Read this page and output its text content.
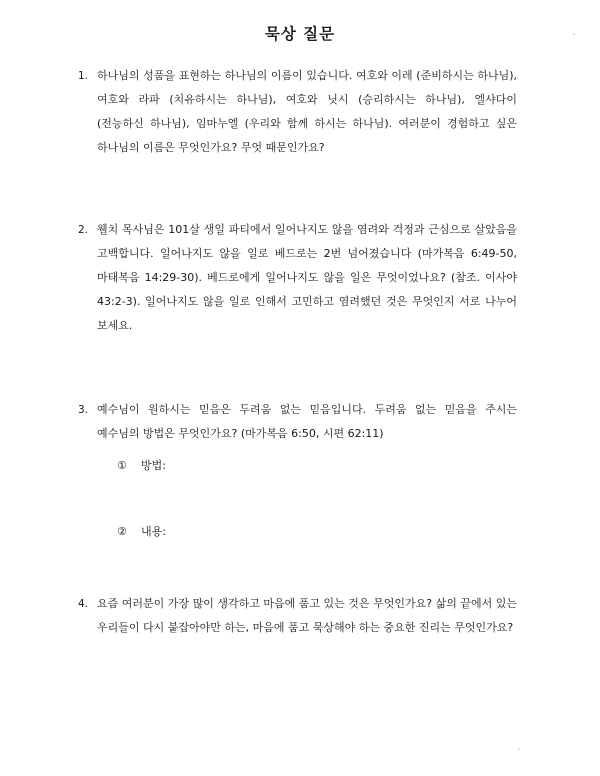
묵상 질문
1. 하나님의 성품을 표현하는 하나님의 이름이 있습니다. 여호와 이레 (준비하시는 하나님), 여호와 라파 (치유하시는 하나님), 여호와 닛시 (승리하시는 하나님), 엘샤다이 (전능하신 하나님), 임마누엘 (우리와 함께 하시는 하나님). 여러분이 경험하고 싶은 하나님의 이름은 무엇인가요? 무엇 때문인가요?
2. 웰치 목사님은 101살 생일 파티에서 일어나지도 않을 염려와 걱정과 근심으로 살았음을 고백합니다. 일어나지도 않을 일로 베드로는 2번 넘어졌습니다 (마가복음 6:49-50, 마태복음 14:29-30). 베드로에게 일어나지도 않을 일은 무엇이었나요? (참조. 이사야 43:2-3). 일어나지도 않을 일로 인해서 고민하고 염려했던 것은 무엇인지 서로 나누어 보세요.
3. 예수님이 원하시는 믿음은 두려움 없는 믿음입니다. 두려움 없는 믿음을 주시는 예수님의 방법은 무엇인가요? (마가복음 6:50, 시편 62:11)
① 방법:
② 내용:
4. 요즘 여러분이 가장 많이 생각하고 마음에 품고 있는 것은 무엇인가요? 삶의 끝에서 있는 우리들이 다시 붙잡아야만 하는, 마음에 품고 묵상해야 하는 중요한 진리는 무엇인가요?
